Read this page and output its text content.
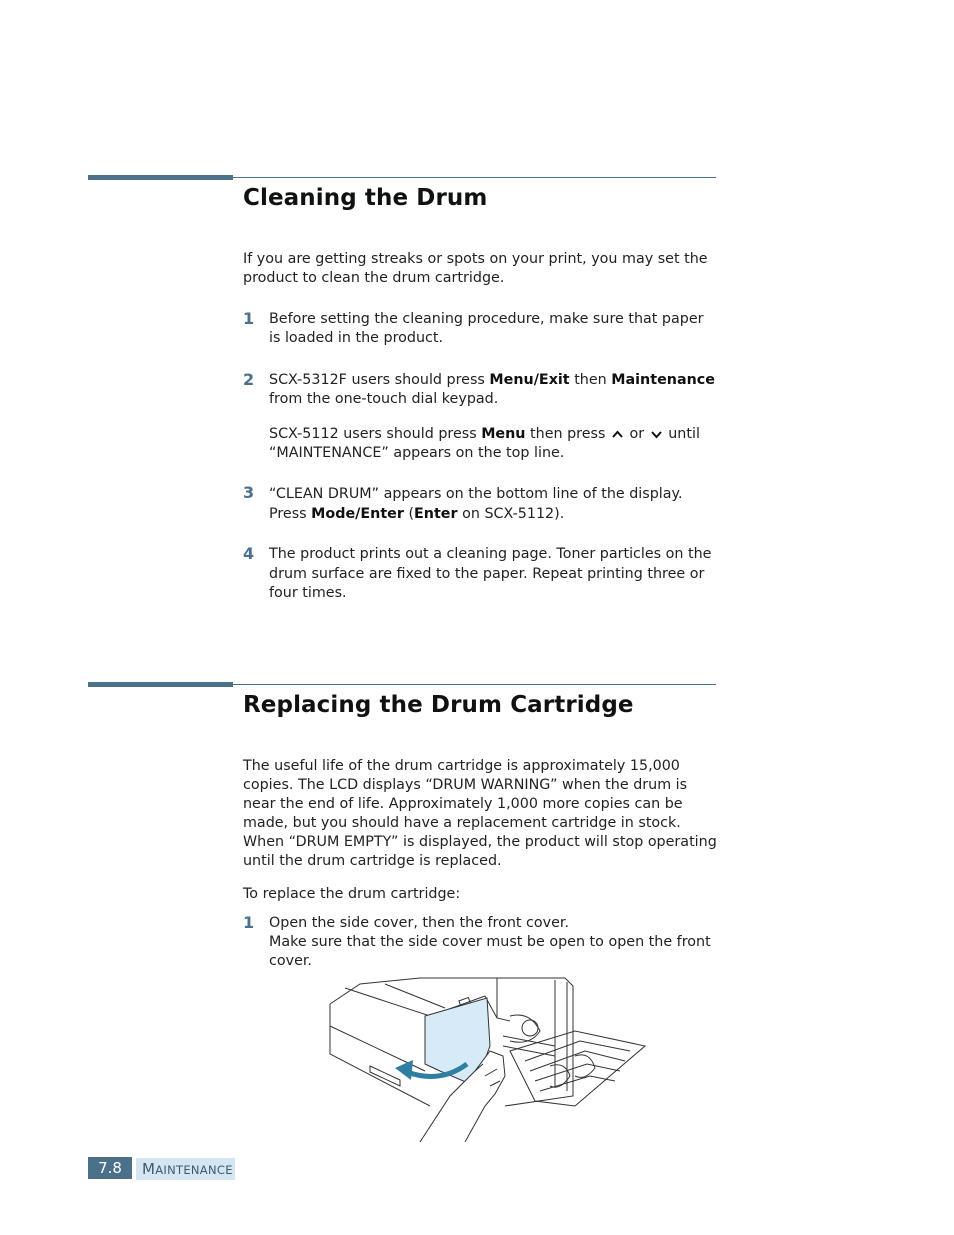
Cleaning the Drum

If you are getting streaks or spots on your print, you may set the product to clean the drum cartridge.

1 Before setting the cleaning procedure, make sure that paper is loaded in the product.

2 SCX-5312F users should press Menu/Exit then Maintenance from the one-touch dial keypad.

SCX-5112 users should press Menu then press  or  until “MAINTENANCE” appears on the top line.

3 “CLEAN DRUM” appears on the bottom line of the display. Press Mode/Enter (Enter on SCX-5112).

4 The product prints out a cleaning page. Toner particles on the drum surface are fixed to the paper. Repeat printing three or four times.

Replacing the Drum Cartridge

The useful life of the drum cartridge is approximately 15,000 copies. The LCD displays “DRUM WARNING” when the drum is near the end of life. Approximately 1,000 more copies can be made, but you should have a replacement cartridge in stock. When “DRUM EMPTY” is displayed, the product will stop operating until the drum cartridge is replaced.

To replace the drum cartridge:

1 Open the side cover, then the front cover.
Make sure that the side cover must be open to open the front cover.

7.8	MAINTENANCE
